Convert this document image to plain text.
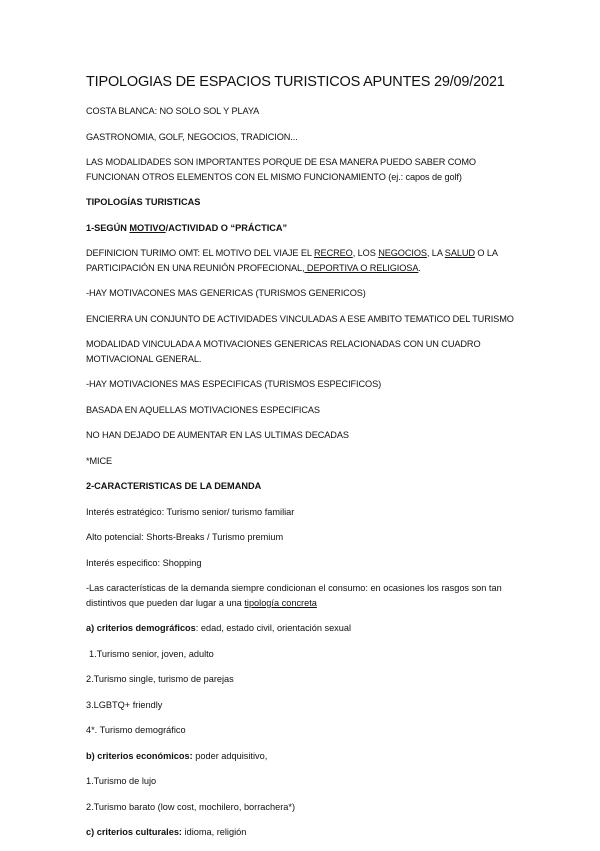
TIPOLOGIAS DE ESPACIOS TURISTICOS APUNTES 29/09/2021

COSTA BLANCA: NO SOLO SOL Y PLAYA

GASTRONOMIA, GOLF, NEGOCIOS, TRADICION...

LAS MODALIDADES SON IMPORTANTES PORQUE DE ESA MANERA PUEDO SABER COMO FUNCIONAN OTROS ELEMENTOS CON EL MISMO FUNCIONAMIENTO (ej.: capos de golf)

TIPOLOGÍAS TURISTICAS

1-SEGÚN MOTIVO/ACTIVIDAD O “PRÁCTICA”

DEFINICION TURIMO OMT: EL MOTIVO DEL VIAJE EL RECREO, LOS NEGOCIOS, LA SALUD O LA PARTICIPACIÓN EN UNA REUNIÓN PROFECIONAL, DEPORTIVA O RELIGIOSA.

-HAY MOTIVACONES MAS GENERICAS (TURISMOS GENERICOS)

ENCIERRA UN CONJUNTO DE ACTIVIDADES VINCULADAS A ESE AMBITO TEMATICO DEL TURISMO

MODALIDAD VINCULADA A MOTIVACIONES GENERICAS RELACIONADAS CON UN CUADRO MOTIVACIONAL GENERAL.

-HAY MOTIVACIONES MAS ESPECIFICAS (TURISMOS ESPECIFICOS)

BASADA EN AQUELLAS MOTIVACIONES ESPECIFICAS

NO HAN DEJADO DE AUMENTAR EN LAS ULTIMAS DECADAS

*MICE

2-CARACTERISTICAS DE LA DEMANDA

Interés estratégico: Turismo senior/ turismo familiar

Alto potencial: Shorts-Breaks / Turismo premium

Interés especifico: Shopping

-Las características de la demanda siempre condicionan el consumo: en ocasiones los rasgos son tan distintivos que pueden dar lugar a una tipología concreta

a) criterios demográficos: edad, estado civil, orientación sexual

1.Turismo senior, joven, adulto

2.Turismo single, turismo de parejas

3.LGBTQ+ friendly

4*. Turismo demográfico

b) criterios económicos: poder adquisitivo,

1.Turismo de lujo

2.Turismo barato (low cost, mochilero, borrachera*)

c) criterios culturales: idioma, religión
